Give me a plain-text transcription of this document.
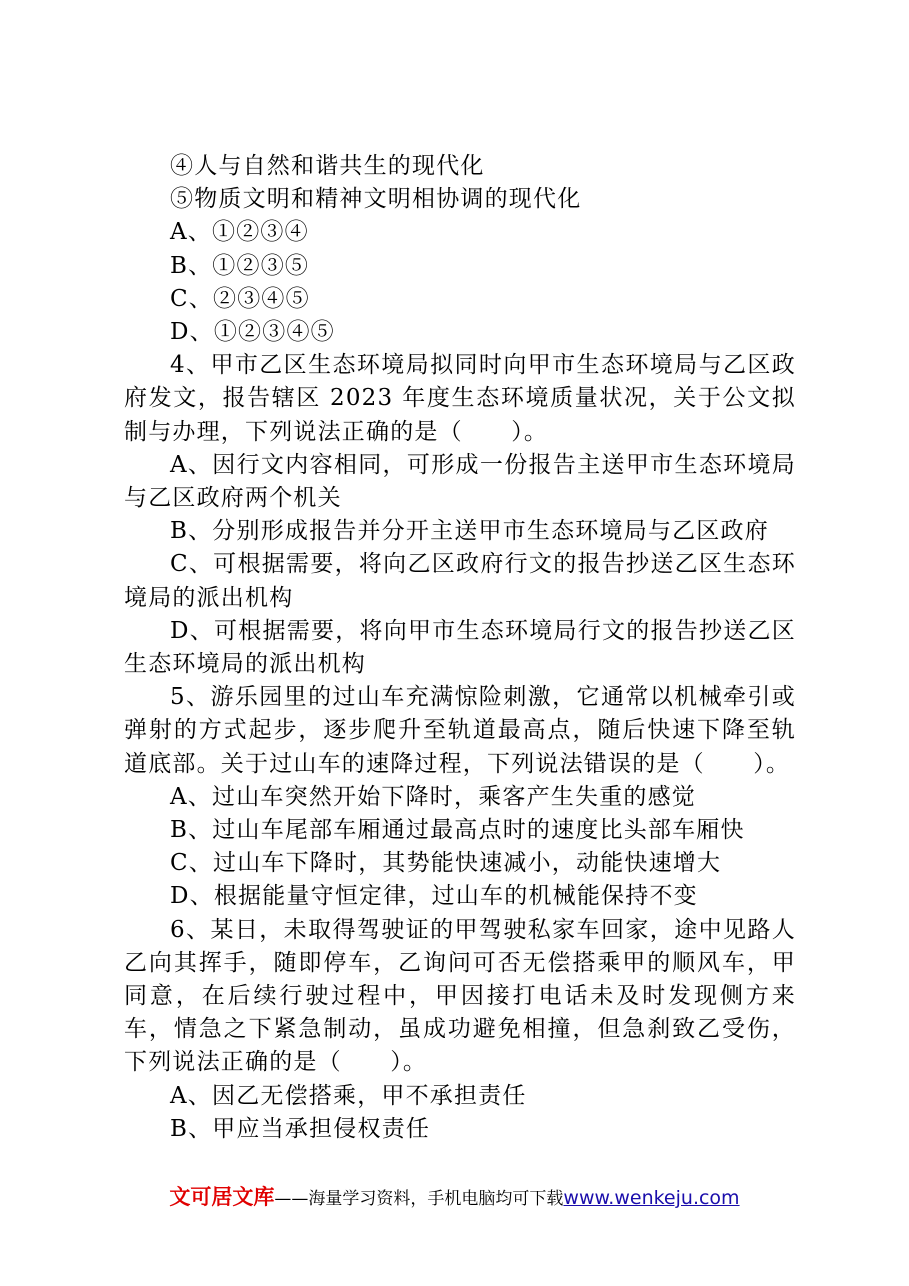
④人与自然和谐共生的现代化

⑤物质文明和精神文明相协调的现代化

A、①②③④

B、①②③⑤

C、②③④⑤

D、①②③④⑤

4、甲市乙区生态环境局拟同时向甲市生态环境局与乙区政府发文，报告辖区 2023 年度生态环境质量状况，关于公文拟制与办理，下列说法正确的是（　　）。

A、因行文内容相同，可形成一份报告主送甲市生态环境局与乙区政府两个机关

B、分别形成报告并分开主送甲市生态环境局与乙区政府

C、可根据需要，将向乙区政府行文的报告抄送乙区生态环境局的派出机构

D、可根据需要，将向甲市生态环境局行文的报告抄送乙区生态环境局的派出机构

5、游乐园里的过山车充满惊险刺激，它通常以机械牵引或弹射的方式起步，逐步爬升至轨道最高点，随后快速下降至轨道底部。关于过山车的速降过程，下列说法错误的是（　　）。

A、过山车突然开始下降时，乘客产生失重的感觉

B、过山车尾部车厢通过最高点时的速度比头部车厢快

C、过山车下降时，其势能快速减小，动能快速增大

D、根据能量守恒定律，过山车的机械能保持不变

6、某日，未取得驾驶证的甲驾驶私家车回家，途中见路人乙向其挥手，随即停车，乙询问可否无偿搭乘甲的顺风车，甲同意，在后续行驶过程中，甲因接打电话未及时发现侧方来车，情急之下紧急制动，虽成功避免相撞，但急刹致乙受伤，下列说法正确的是（　　）。

A、因乙无偿搭乘，甲不承担责任

B、甲应当承担侵权责任

文可居文库——海量学习资料，手机电脑均可下载www.wenkeju.com
